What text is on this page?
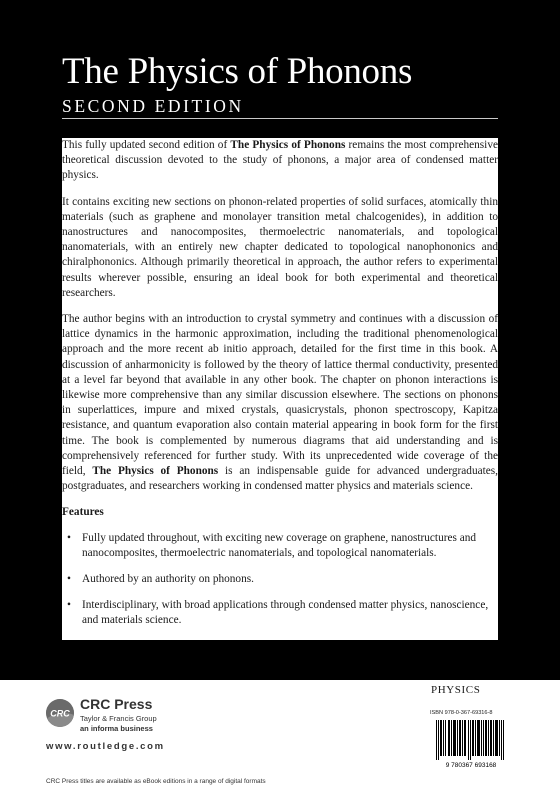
The Physics of Phonons
SECOND EDITION

This fully updated second edition of The Physics of Phonons remains the most comprehensive theoretical discussion devoted to the study of phonons, a major area of condensed matter physics.

It contains exciting new sections on phonon-related properties of solid surfaces, atomically thin materials (such as graphene and monolayer transition metal chalcogenides), in addition to nanostructures and nanocomposites, thermoelectric nanomaterials, and topological nanomaterials, with an entirely new chapter dedicated to topological nanophononics and chiralphononics. Although primarily theoretical in approach, the author refers to experimental results wherever possible, ensuring an ideal book for both experimental and theoretical researchers.

The author begins with an introduction to crystal symmetry and continues with a discussion of lattice dynamics in the harmonic approximation, including the traditional phenomenological approach and the more recent ab initio approach, detailed for the first time in this book. A discussion of anharmonicity is followed by the theory of lattice thermal conductivity, presented at a level far beyond that available in any other book. The chapter on phonon interactions is likewise more comprehensive than any similar discussion elsewhere. The sections on phonons in superlattices, impure and mixed crystals, quasicrystals, phonon spectroscopy, Kapitza resistance, and quantum evaporation also contain material appearing in book form for the first time. The book is complemented by numerous diagrams that aid understanding and is comprehensively referenced for further study. With its unprecedented wide coverage of the field, The Physics of Phonons is an indispensable guide for advanced undergraduates, postgraduates, and researchers working in condensed matter physics and materials science.

Features
• Fully updated throughout, with exciting new coverage on graphene, nanostructures and nanocomposites, thermoelectric nanomaterials, and topological nanomaterials.
• Authored by an authority on phonons.
• Interdisciplinary, with broad applications through condensed matter physics, nanoscience, and materials science.
PHYSICS
CRC
CRC Press
Taylor & Francis Group
an informa business
www.routledge.com
CRC Press titles are available as eBook editions in a range of digital formats
ISBN 978-0-367-69316-8
9 780367 693168
